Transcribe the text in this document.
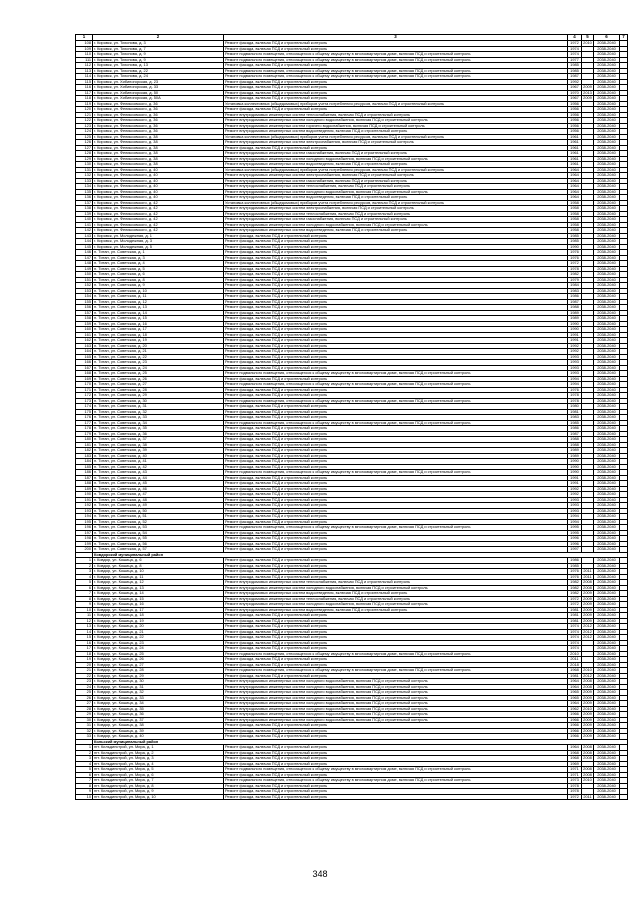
1	2	3	4	5	6	7
108	г. Кировск, ул. Тихонова, д. 3	Ремонт фасада, включая ПСД и строительный контроль	1972	2010	2038-2040	
109	г. Кировск, ул. Тихонова, д. 7	Ремонт фасада, включая ПСД и строительный контроль	1974		2038-2040	
110	г. Кировск, ул. Тихонова, д. 9	Ремонт подвального помещения, относящегося к общему имуществу в многоквартирном доме, включая ПСД и строительный контроль	1974		2038-2040	
111	г. Кировск, ул. Тихонова, д. 9	Ремонт подвального помещения, относящегося к общему имуществу в многоквартирном доме, включая ПСД и строительный контроль	1977		2038-2040	
112	г. Кировск, ул. Тихонова, д. 13	Ремонт фасада, включая ПСД и строительный контроль	1985		2038-2040	
113	г. Кировск, ул. Тихонова, д. 22	Ремонт подвального помещения, относящегося к общему имуществу в многоквартирном доме, включая ПСД и строительный контроль	1985		2038-2040	
114	г. Кировск, ул. Тихонова, д. 24	Ремонт подвального помещения, относящегося к общему имуществу в многоквартирном доме, включая ПСД и строительный контроль	1987		2038-2040	
115	г. Кировск, ул. Хибиногорская, д. 23	Ремонт фасада, включая ПСД и строительный контроль	1992		2038-2040	
116	г. Кировск, ул. Хибиногорская, д. 33	Ремонт фасада, включая ПСД и строительный контроль	1967	2009	2038-2040	
117	г. Кировск, ул. Хибиногорская, д. 50	Ремонт фасада, включая ПСД и строительный контроль	1970	2013	2038-2040	
118	г. Кировск, ул. Хибиногорская, д. 50А	Ремонт фасада, включая ПСД и строительный контроль	1967	2009	2038-2040	
119	г. Кировск, ул. Феликсовского, д. 36	Установка коллективных (общедомовых) приборов учета потребления ресурсов, включая ПСД и строительный контроль	1956		2038-2040	
120	г. Кировск, ул. Феликсовского, д. 36	Ремонт фасада, включая ПСД и строительный контроль	1956		2038-2040	
121	г. Кировск, ул. Феликсовского, д. 36	Ремонт внутридомовых инженерных систем теплоснабжения, включая ПСД и строительный контроль	1956		2038-2040	
122	г. Кировск, ул. Феликсовского, д. 36	Ремонт внутридомовых инженерных систем холодного водоснабжения, включая ПСД и строительный контроль	1956		2038-2040	
123	г. Кировск, ул. Феликсовского, д. 36	Ремонт внутридомовых инженерных систем горячего водоснабжения, включая ПСД и строительный контроль	1956		2038-2040	
124	г. Кировск, ул. Феликсовского, д. 36	Ремонт внутридомовых инженерных систем водоотведения, включая ПСД и строительный контроль	1956		2038-2040	
125	г. Кировск, ул. Феликсовского, д. 38	Установка коллективных (общедомовых) приборов учета потребления ресурсов, включая ПСД и строительный контроль	1961		2038-2040	
126	г. Кировск, ул. Феликсовского, д. 38	Ремонт внутридомовых инженерных систем электроснабжения, включая ПСД и строительный контроль	1961		2038-2040	
127	г. Кировск, ул. Феликсовского, д. 38	Ремонт фасада, включая ПСД и строительный контроль	1961		2038-2040	
128	г. Кировск, ул. Феликсовского, д. 38	Ремонт внутридомовых инженерных систем газоснабжения, включая ПСД и строительный контроль	1961		2038-2040	
129	г. Кировск, ул. Феликсовского, д. 38	Ремонт внутридомовых инженерных систем холодного водоснабжения, включая ПСД и строительный контроль	1961		2038-2040	
130	г. Кировск, ул. Феликсовского, д. 38	Ремонт внутридомовых инженерных систем водоотведения, включая ПСД и строительный контроль	1961		2038-2040	
131	г. Кировск, ул. Феликсовского, д. 40	Установка коллективных (общедомовых) приборов учета потребления ресурсов, включая ПСД и строительный контроль	1964		2038-2040	
132	г. Кировск, ул. Феликсовского, д. 40	Ремонт внутридомовых инженерных систем электроснабжения, включая ПСД и строительный контроль	1964		2038-2040	
133	г. Кировск, ул. Феликсовского, д. 40	Ремонт внутридомовых инженерных систем газоснабжения, включая ПСД и строительный контроль	1964		2038-2040	
134	г. Кировск, ул. Феликсовского, д. 40	Ремонт внутридомовых инженерных систем теплоснабжения, включая ПСД и строительный контроль	1964		2038-2040	
135	г. Кировск, ул. Феликсовского, д. 40	Ремонт внутридомовых инженерных систем холодного водоснабжения, включая ПСД и строительный контроль	1964		2038-2040	
136	г. Кировск, ул. Феликсовского, д. 40	Ремонт внутридомовых инженерных систем водоотведения, включая ПСД и строительный контроль	1964		2038-2040	
137	г. Кировск, ул. Феликсовского, д. 42	Установка коллективных (общедомовых) приборов учета потребления ресурсов, включая ПСД и строительный контроль	1958		2038-2040	
138	г. Кировск, ул. Феликсовского, д. 42	Ремонт внутридомовых инженерных систем электроснабжения, включая ПСД и строительный контроль	1958		2038-2040	
139	г. Кировск, ул. Феликсовского, д. 42	Ремонт внутридомовых инженерных систем теплоснабжения, включая ПСД и строительный контроль	1958		2038-2040	
140	г. Кировск, ул. Феликсовского, д. 42	Ремонт внутридомовых инженерных систем газоснабжения, включая ПСД и строительный контроль	1958		2038-2040	
141	г. Кировск, ул. Феликсовского, д. 42	Ремонт внутридомовых инженерных систем холодного водоснабжения, включая ПСД и строительный контроль	1958		2038-2040	
142	г. Кировск, ул. Феликсовского, д. 42	Ремонт внутридомовых инженерных систем водоотведения, включая ПСД и строительный контроль	1958		2038-2040	
143	г. Кировск, ул. Молодежная, д. 1	Ремонт фасада, включая ПСД и строительный контроль	1985		2038-2040	
144	г. Кировск, ул. Молодежная, д. 3	Ремонт фасада, включая ПСД и строительный контроль	1985		2038-2040	
145	г. Кировск, ул. Молодежная, д. 5	Ремонт фасада, включая ПСД и строительный контроль	1990		2038-2040	
146	п. Титан, ул. Советская, д. 1	Ремонт фасада, включая ПСД и строительный контроль	1976		2038-2040	
147	п. Титан, ул. Советская, д. 3	Ремонт фасада, включая ПСД и строительный контроль	1976		2038-2040	
148	п. Титан, ул. Советская, д. 4	Ремонт фасада, включая ПСД и строительный контроль	1972		2038-2040	
149	п. Титан, ул. Советская, д. 5	Ремонт фасада, включая ПСД и строительный контроль	1978		2038-2040	
150	п. Титан, ул. Советская, д. 6	Ремонт фасада, включая ПСД и строительный контроль	1982		2038-2040	
151	п. Титан, ул. Советская, д. 8	Ремонт фасада, включая ПСД и строительный контроль	1979		2038-2040	
152	п. Титан, ул. Советская, д. 9	Ремонт фасада, включая ПСД и строительный контроль	1984		2038-2040	
153	п. Титан, ул. Советская, д. 10	Ремонт фасада, включая ПСД и строительный контроль	1983		2038-2040	
154	п. Титан, ул. Советская, д. 11	Ремонт фасада, включая ПСД и строительный контроль	1986		2038-2040	
155	п. Титан, ул. Советская, д. 12	Ремонт фасада, включая ПСД и строительный контроль	1987		2038-2040	
156	п. Титан, ул. Советская, д. 13	Ремонт фасада, включая ПСД и строительный контроль	1988		2038-2040	
157	п. Титан, ул. Советская, д. 14	Ремонт фасада, включая ПСД и строительный контроль	1989		2038-2040	
158	п. Титан, ул. Советская, д. 15	Ремонт фасада, включая ПСД и строительный контроль	1989		2038-2040	
159	п. Титан, ул. Советская, д. 16	Ремонт фасада, включая ПСД и строительный контроль	1990		2038-2040	
160	п. Титан, ул. Советская, д. 17	Ремонт фасада, включая ПСД и строительный контроль	1990		2038-2040	
161	п. Титан, ул. Советская, д. 18	Ремонт фасада, включая ПСД и строительный контроль	1991		2038-2040	
162	п. Титан, ул. Советская, д. 19	Ремонт фасада, включая ПСД и строительный контроль	1991		2038-2040	
163	п. Титан, ул. Советская, д. 20	Ремонт фасада, включая ПСД и строительный контроль	1992		2038-2040	
164	п. Титан, ул. Советская, д. 21	Ремонт фасада, включая ПСД и строительный контроль	1992		2038-2040	
165	п. Титан, ул. Советская, д. 22	Ремонт фасада, включая ПСД и строительный контроль	1993		2038-2040	
166	п. Титан, ул. Советская, д. 23	Ремонт фасада, включая ПСД и строительный контроль	1993		2038-2040	
167	п. Титан, ул. Советская, д. 24	Ремонт фасада, включая ПСД и строительный контроль	1993		2038-2040	
168	п. Титан, ул. Советская, д. 25	Ремонт подвального помещения, относящегося к общему имуществу в многоквартирном доме, включая ПСД и строительный контроль	1993		2038-2040	
169	п. Титан, ул. Советская, д. 26	Ремонт фасада, включая ПСД и строительный контроль	1994		2038-2040	
170	п. Титан, ул. Советская, д. 27	Ремонт подвального помещения, относящегося к общему имуществу в многоквартирном доме, включая ПСД и строительный контроль	1994		2038-2040	
171	п. Титан, ул. Советская, д. 28	Ремонт фасада, включая ПСД и строительный контроль	1976		2038-2040	
172	п. Титан, ул. Советская, д. 29	Ремонт фасада, включая ПСД и строительный контроль	1978		2038-2040	
173	п. Титан, ул. Советская, д. 30	Ремонт подвального помещения, относящегося к общему имуществу в многоквартирном доме, включая ПСД и строительный контроль	1978		2038-2040	
174	п. Титан, ул. Советская, д. 31	Ремонт фасада, включая ПСД и строительный контроль	1980		2038-2040	
175	п. Титан, ул. Советская, д. 32	Ремонт фасада, включая ПСД и строительный контроль	1981		2038-2040	
176	п. Титан, ул. Советская, д. 33	Ремонт фасада, включая ПСД и строительный контроль	1983		2038-2040	
177	п. Титан, ул. Советская, д. 34	Ремонт подвального помещения, относящегося к общему имуществу в многоквартирном доме, включая ПСД и строительный контроль	1985		2038-2040	
178	п. Титан, ул. Советская, д. 35	Ремонт фасада, включая ПСД и строительный контроль	1986		2038-2040	
179	п. Титан, ул. Советская, д. 36	Ремонт фасада, включая ПСД и строительный контроль	1987		2038-2040	
180	п. Титан, ул. Советская, д. 37	Ремонт фасада, включая ПСД и строительный контроль	1988		2038-2040	
181	п. Титан, ул. Советская, д. 38	Ремонт фасада, включая ПСД и строительный контроль	1988		2038-2040	
182	п. Титан, ул. Советская, д. 39	Ремонт фасада, включая ПСД и строительный контроль	1989		2038-2040	
183	п. Титан, ул. Советская, д. 40	Ремонт фасада, включая ПСД и строительный контроль	1989		2038-2040	
184	п. Титан, ул. Советская, д. 41	Ремонт фасада, включая ПСД и строительный контроль	1990		2038-2040	
185	п. Титан, ул. Советская, д. 42	Ремонт фасада, включая ПСД и строительный контроль	1990		2038-2040	
186	п. Титан, ул. Советская, д. 43	Ремонт подвального помещения, относящегося к общему имуществу в многоквартирном доме, включая ПСД и строительный контроль	1990		2038-2040	
187	п. Титан, ул. Советская, д. 44	Ремонт фасада, включая ПСД и строительный контроль	1991		2038-2040	
188	п. Титан, ул. Советская, д. 45	Ремонт фасада, включая ПСД и строительный контроль	1991		2038-2040	
189	п. Титан, ул. Советская, д. 46	Ремонт фасада, включая ПСД и строительный контроль	1992		2038-2040	
190	п. Титан, ул. Советская, д. 47	Ремонт фасада, включая ПСД и строительный контроль	1992		2038-2040	
191	п. Титан, ул. Советская, д. 48	Ремонт фасада, включая ПСД и строительный контроль	1993		2038-2040	
192	п. Титан, ул. Советская, д. 49	Ремонт фасада, включая ПСД и строительный контроль	1993		2038-2040	
193	п. Титан, ул. Советская, д. 50	Ремонт фасада, включая ПСД и строительный контроль	1993		2038-2040	
194	п. Титан, ул. Советская, д. 51	Ремонт фасада, включая ПСД и строительный контроль	1994		2038-2040	
195	п. Титан, ул. Советская, д. 52	Ремонт фасада, включая ПСД и строительный контроль	1994		2038-2040	
196	п. Титан, ул. Советская, д. 53	Ремонт подвального помещения, относящегося к общему имуществу в многоквартирном доме, включая ПСД и строительный контроль	1995		2038-2040	
197	п. Титан, ул. Советская, д. 54	Ремонт фасада, включая ПСД и строительный контроль	1995		2038-2040	
198	п. Титан, ул. Советская, д. 55	Ремонт фасада, включая ПСД и строительный контроль	1996		2038-2040	
199	п. Титан, ул. Советская, д. 56	Ремонт фасада, включая ПСД и строительный контроль	1996		2038-2040	
200	п. Титан, ул. Советская, д. 57	Ремонт фасада, включая ПСД и строительный контроль	1997		2038-2040	
	Ковдорский муниципальный район					
1	г. Ковдор, ул. Кошица, д. 6	Ремонт фасада, включая ПСД и строительный контроль	1986		2038-2040	
2	г. Ковдор, ул. Кошица, д. 8	Ремонт фасада, включая ПСД и строительный контроль	1985		2038-2040	
3	г. Ковдор, ул. Кошица, д. 10	Ремонт фасада, включая ПСД и строительный контроль	1976	2011	2038-2040	
4	г. Ковдор, ул. Кошица, д. 11	Ремонт фасада, включая ПСД и строительный контроль	1976	2011	2038-2040	
5	г. Ковдор, ул. Кошица, д. 12	Ремонт внутридомовых инженерных систем теплоснабжения, включая ПСД и строительный контроль	1982	2008	2038-2040	
6	г. Ковдор, ул. Кошица, д. 13	Ремонт внутридомовых инженерных систем холодного водоснабжения, включая ПСД и строительный контроль	1982	2008	2038-2040	
7	г. Ковдор, ул. Кошица, д. 14	Ремонт внутридомовых инженерных систем водоотведения, включая ПСД и строительный контроль	1982	2009	2038-2040	
8	г. Ковдор, ул. Кошица, д. 15	Ремонт внутридомовых инженерных систем теплоснабжения, включая ПСД и строительный контроль	1972	2009	2038-2040	
9	г. Ковдор, ул. Кошица, д. 16	Ремонт внутридомовых инженерных систем холодного водоснабжения, включая ПСД и строительный контроль	1972	2009	2038-2040	
10	г. Ковдор, ул. Кошица, д. 17	Ремонт внутридомовых инженерных систем водоотведения, включая ПСД и строительный контроль	1981	2009	2038-2040	
11	г. Ковдор, ул. Кошица, д. 18	Ремонт фасада, включая ПСД и строительный контроль	1981	2009	2038-2040	
12	г. Ковдор, ул. Кошица, д. 19	Ремонт фасада, включая ПСД и строительный контроль	1981	2009	2038-2040	
13	г. Ковдор, ул. Кошица, д. 20	Ремонт фасада, включая ПСД и строительный контроль	1974	2012	2038-2040	
14	г. Ковдор, ул. Кошица, д. 21	Ремонт фасада, включая ПСД и строительный контроль	1974	2012	2038-2040	
15	г. Ковдор, ул. Кошица, д. 22	Ремонт фасада, включая ПСД и строительный контроль	1974	2012	2038-2040	
16	г. Ковдор, ул. Кошица, д. 23	Ремонт фасада, включая ПСД и строительный контроль	1974		2038-2040	
17	г. Ковдор, ул. Кошица, д. 24	Ремонт фасада, включая ПСД и строительный контроль	1974		2038-2040	
18	г. Ковдор, ул. Кошица, д. 25	Ремонт подвального помещения, относящегося к общему имуществу в многоквартирном доме, включая ПСД и строительный контроль	2010		2038-2040	
19	г. Ковдор, ул. Кошица, д. 26	Ремонт фасада, включая ПСД и строительный контроль	2011		2038-2040	
20	г. Ковдор, ул. Кошица, д. 27	Ремонт фасада, включая ПСД и строительный контроль	2018		2038-2040	
21	г. Ковдор, ул. Кошица, д. 28	Ремонт подвального помещения, относящегося к общему имуществу в многоквартирном доме, включая ПСД и строительный контроль	1968	2010	2038-2040	
22	г. Ковдор, ул. Кошица, д. 29	Ремонт фасада, включая ПСД и строительный контроль	1981	2012	2038-2040	
23	г. Ковдор, ул. Кошица, д. 30	Ремонт внутридомовых инженерных систем холодного водоснабжения, включая ПСД и строительный контроль	1964	2008	2038-2040	
24	г. Ковдор, ул. Кошица, д. 31	Ремонт внутридомовых инженерных систем холодного водоснабжения, включая ПСД и строительный контроль	1964	2008	2038-2040	
25	г. Ковдор, ул. Кошица, д. 32	Ремонт внутридомовых инженерных систем холодного водоснабжения, включая ПСД и строительный контроль	1965	2009	2038-2040	
26	г. Ковдор, ул. Кошица, д. 33	Ремонт внутридомовых инженерных систем холодного водоснабжения, включая ПСД и строительный контроль	1965	2009	2038-2040	
27	г. Ковдор, ул. Кошица, д. 34	Ремонт внутридомовых инженерных систем холодного водоснабжения, включая ПСД и строительный контроль	1964	2009	2038-2040	
28	г. Ковдор, ул. Кошица, д. 35	Ремонт внутридомовых инженерных систем холодного водоснабжения, включая ПСД и строительный контроль	1962	2010	2038-2040	
29	г. Ковдор, ул. Кошица, д. 36	Ремонт внутридомовых инженерных систем холодного водоснабжения, включая ПСД и строительный контроль	1966	2009	2038-2040	
30	г. Ковдор, ул. Кошица, д. 37	Ремонт внутридомовых инженерных систем холодного водоснабжения, включая ПСД и строительный контроль	1966	2009	2038-2040	
31	г. Ковдор, ул. Кошица, д. 38	Ремонт фасада, включая ПСД и строительный контроль	1966	2009	2038-2040	
32	г. Ковдор, ул. Кошица, д. 39	Ремонт фасада, включая ПСД и строительный контроль	1966	2009	2038-2040	
33	г. Ковдор, ул. Кошица, д. 40	Ремонт фасада, включая ПСД и строительный контроль	1966	2009	2038-2040	
	Кольский муниципальный район					
1	пгт. Кильдинстрой, ул. Мира, д. 1	Ремонт фасада, включая ПСД и строительный контроль	1964	2008	2038-2040	
2	пгт. Кильдинстрой, ул. Мира, д. 2	Ремонт фасада, включая ПСД и строительный контроль	1968	2008	2038-2040	
3	пгт. Кильдинстрой, ул. Мира, д. 3	Ремонт фасада, включая ПСД и строительный контроль	1968	2008	2038-2040	
4	пгт. Кильдинстрой, ул. Мира, д. 4	Ремонт фасада, включая ПСД и строительный контроль	1969		2038-2040	
5	пгт. Кильдинстрой, ул. Мира, д. 5	Ремонт подвального помещения, относящегося к общему имуществу в многоквартирном доме, включая ПСД и строительный контроль	1971	2008	2038-2040	
6	пгт. Кильдинстрой, ул. Мира, д. 6	Ремонт фасада, включая ПСД и строительный контроль	1971	2008	2038-2040	
7	пгт. Кильдинстрой, ул. Мира, д. 7	Ремонт подвального помещения, относящегося к общему имуществу в многоквартирном доме, включая ПСД и строительный контроль	1973	2010	2038-2040	
8	пгт. Кильдинстрой, ул. Мира, д. 8	Ремонт фасада, включая ПСД и строительный контроль	1978		2038-2040	
9	пгт. Кильдинстрой, ул. Мира, д. 9	Ремонт фасада, включая ПСД и строительный контроль	1978		2038-2040	
10	пгт. Кильдинстрой, ул. Мира, д. 10	Ремонт фасада, включая ПСД и строительный контроль	1972	2011	2038-2040	
348
